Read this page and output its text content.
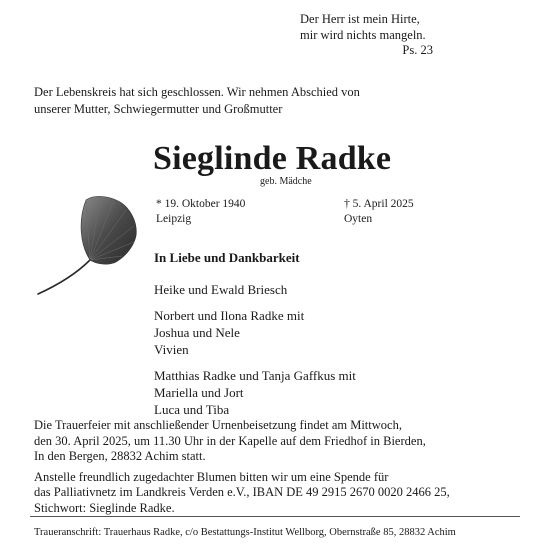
Der Herr ist mein Hirte,
mir wird nichts mangeln.
Ps. 23
Der Lebenskreis hat sich geschlossen. Wir nehmen Abschied von
unserer Mutter, Schwiegermutter und Großmutter
Sieglinde Radke
geb. Mädche
* 19. Oktober 1940
Leipzig
† 5. April 2025
Oyten
In Liebe und Dankbarkeit
Heike und Ewald Briesch
Norbert und Ilona Radke mit
Joshua und Nele
Vivien
Matthias Radke und Tanja Gaffkus mit
Mariella und Jort
Luca und Tiba
Die Trauerfeier mit anschließender Urnenbeisetzung findet am Mittwoch,
den 30. April 2025, um 11.30 Uhr in der Kapelle auf dem Friedhof in Bierden,
In den Bergen, 28832 Achim statt.
Anstelle freundlich zugedachter Blumen bitten wir um eine Spende für
das Palliativnetz im Landkreis Verden e.V., IBAN DE 49 2915 2670 0020 2466 25,
Stichwort: Sieglinde Radke.
Traueranschrift: Trauerhaus Radke, c/o Bestattungs-Institut Wellborg, Obernstraße 85, 28832 Achim
